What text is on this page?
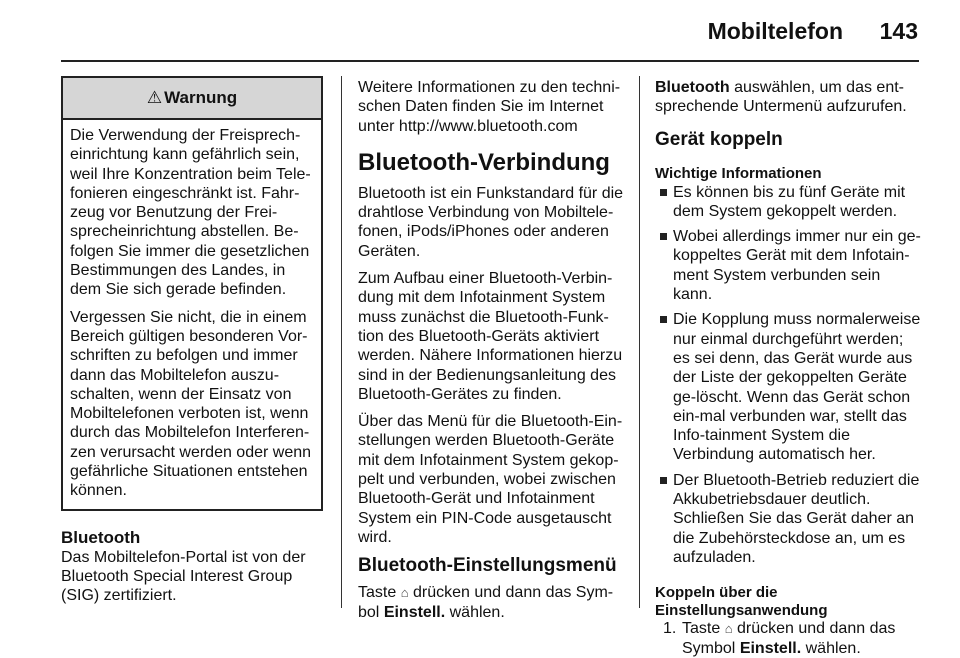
Mobiltelefon 143
⚠ Warnung

Die Verwendung der Freisprech-einrichtung kann gefährlich sein, weil Ihre Konzentration beim Tele-fonieren eingeschränkt ist. Fahr-zeug vor Benutzung der Frei-sprecheinrichtung abstellen. Be-folgen Sie immer die gesetzlichen Bestimmungen des Landes, in dem Sie sich gerade befinden.

Vergessen Sie nicht, die in einem Bereich gültigen besonderen Vor-schriften zu befolgen und immer dann das Mobiltelefon auszu-schalten, wenn der Einsatz von Mobiltelefonen verboten ist, wenn durch das Mobiltelefon Interferen-zen verursacht werden oder wenn gefährliche Situationen entstehen können.

Bluetooth
Das Mobiltelefon-Portal ist von der Bluetooth Special Interest Group (SIG) zertifiziert.

Weitere Informationen zu den techni-schen Daten finden Sie im Internet unter http://www.bluetooth.com

Bluetooth-Verbindung

Bluetooth ist ein Funkstandard für die drahtlose Verbindung von Mobiltele-fonen, iPods/iPhones oder anderen Geräten.

Zum Aufbau einer Bluetooth-Verbin-dung mit dem Infotainment System muss zunächst die Bluetooth-Funk-tion des Bluetooth-Geräts aktiviert werden. Nähere Informationen hierzu sind in der Bedienungsanleitung des Bluetooth-Gerätes zu finden.

Über das Menü für die Bluetooth-Ein-stellungen werden Bluetooth-Geräte mit dem Infotainment System gekop-pelt und verbunden, wobei zwischen Bluetooth-Gerät und Infotainment System ein PIN-Code ausgetauscht wird.

Bluetooth-Einstellungsmenü
Taste ⌂ drücken und dann das Sym-bol Einstell. wählen.

Bluetooth auswählen, um das ent-sprechende Untermenü aufzurufen.

Gerät koppeln
Wichtige Informationen
Es können bis zu fünf Geräte mit dem System gekoppelt werden.
Wobei allerdings immer nur ein ge-koppeltes Gerät mit dem Infotain-ment System verbunden sein kann.
Die Kopplung muss normalerweise nur einmal durchgeführt werden; es sei denn, das Gerät wurde aus der Liste der gekoppelten Geräte ge-löscht. Wenn das Gerät schon ein-mal verbunden war, stellt das Info-tainment System die Verbindung automatisch her.
Der Bluetooth-Betrieb reduziert die Akkubetriebsdauer deutlich. Schließen Sie das Gerät daher an die Zubehörsteckdose an, um es aufzuladen.
Koppeln über die
Einstellungsanwendung
1. Taste ⌂ drücken und dann das Symbol Einstell. wählen.
